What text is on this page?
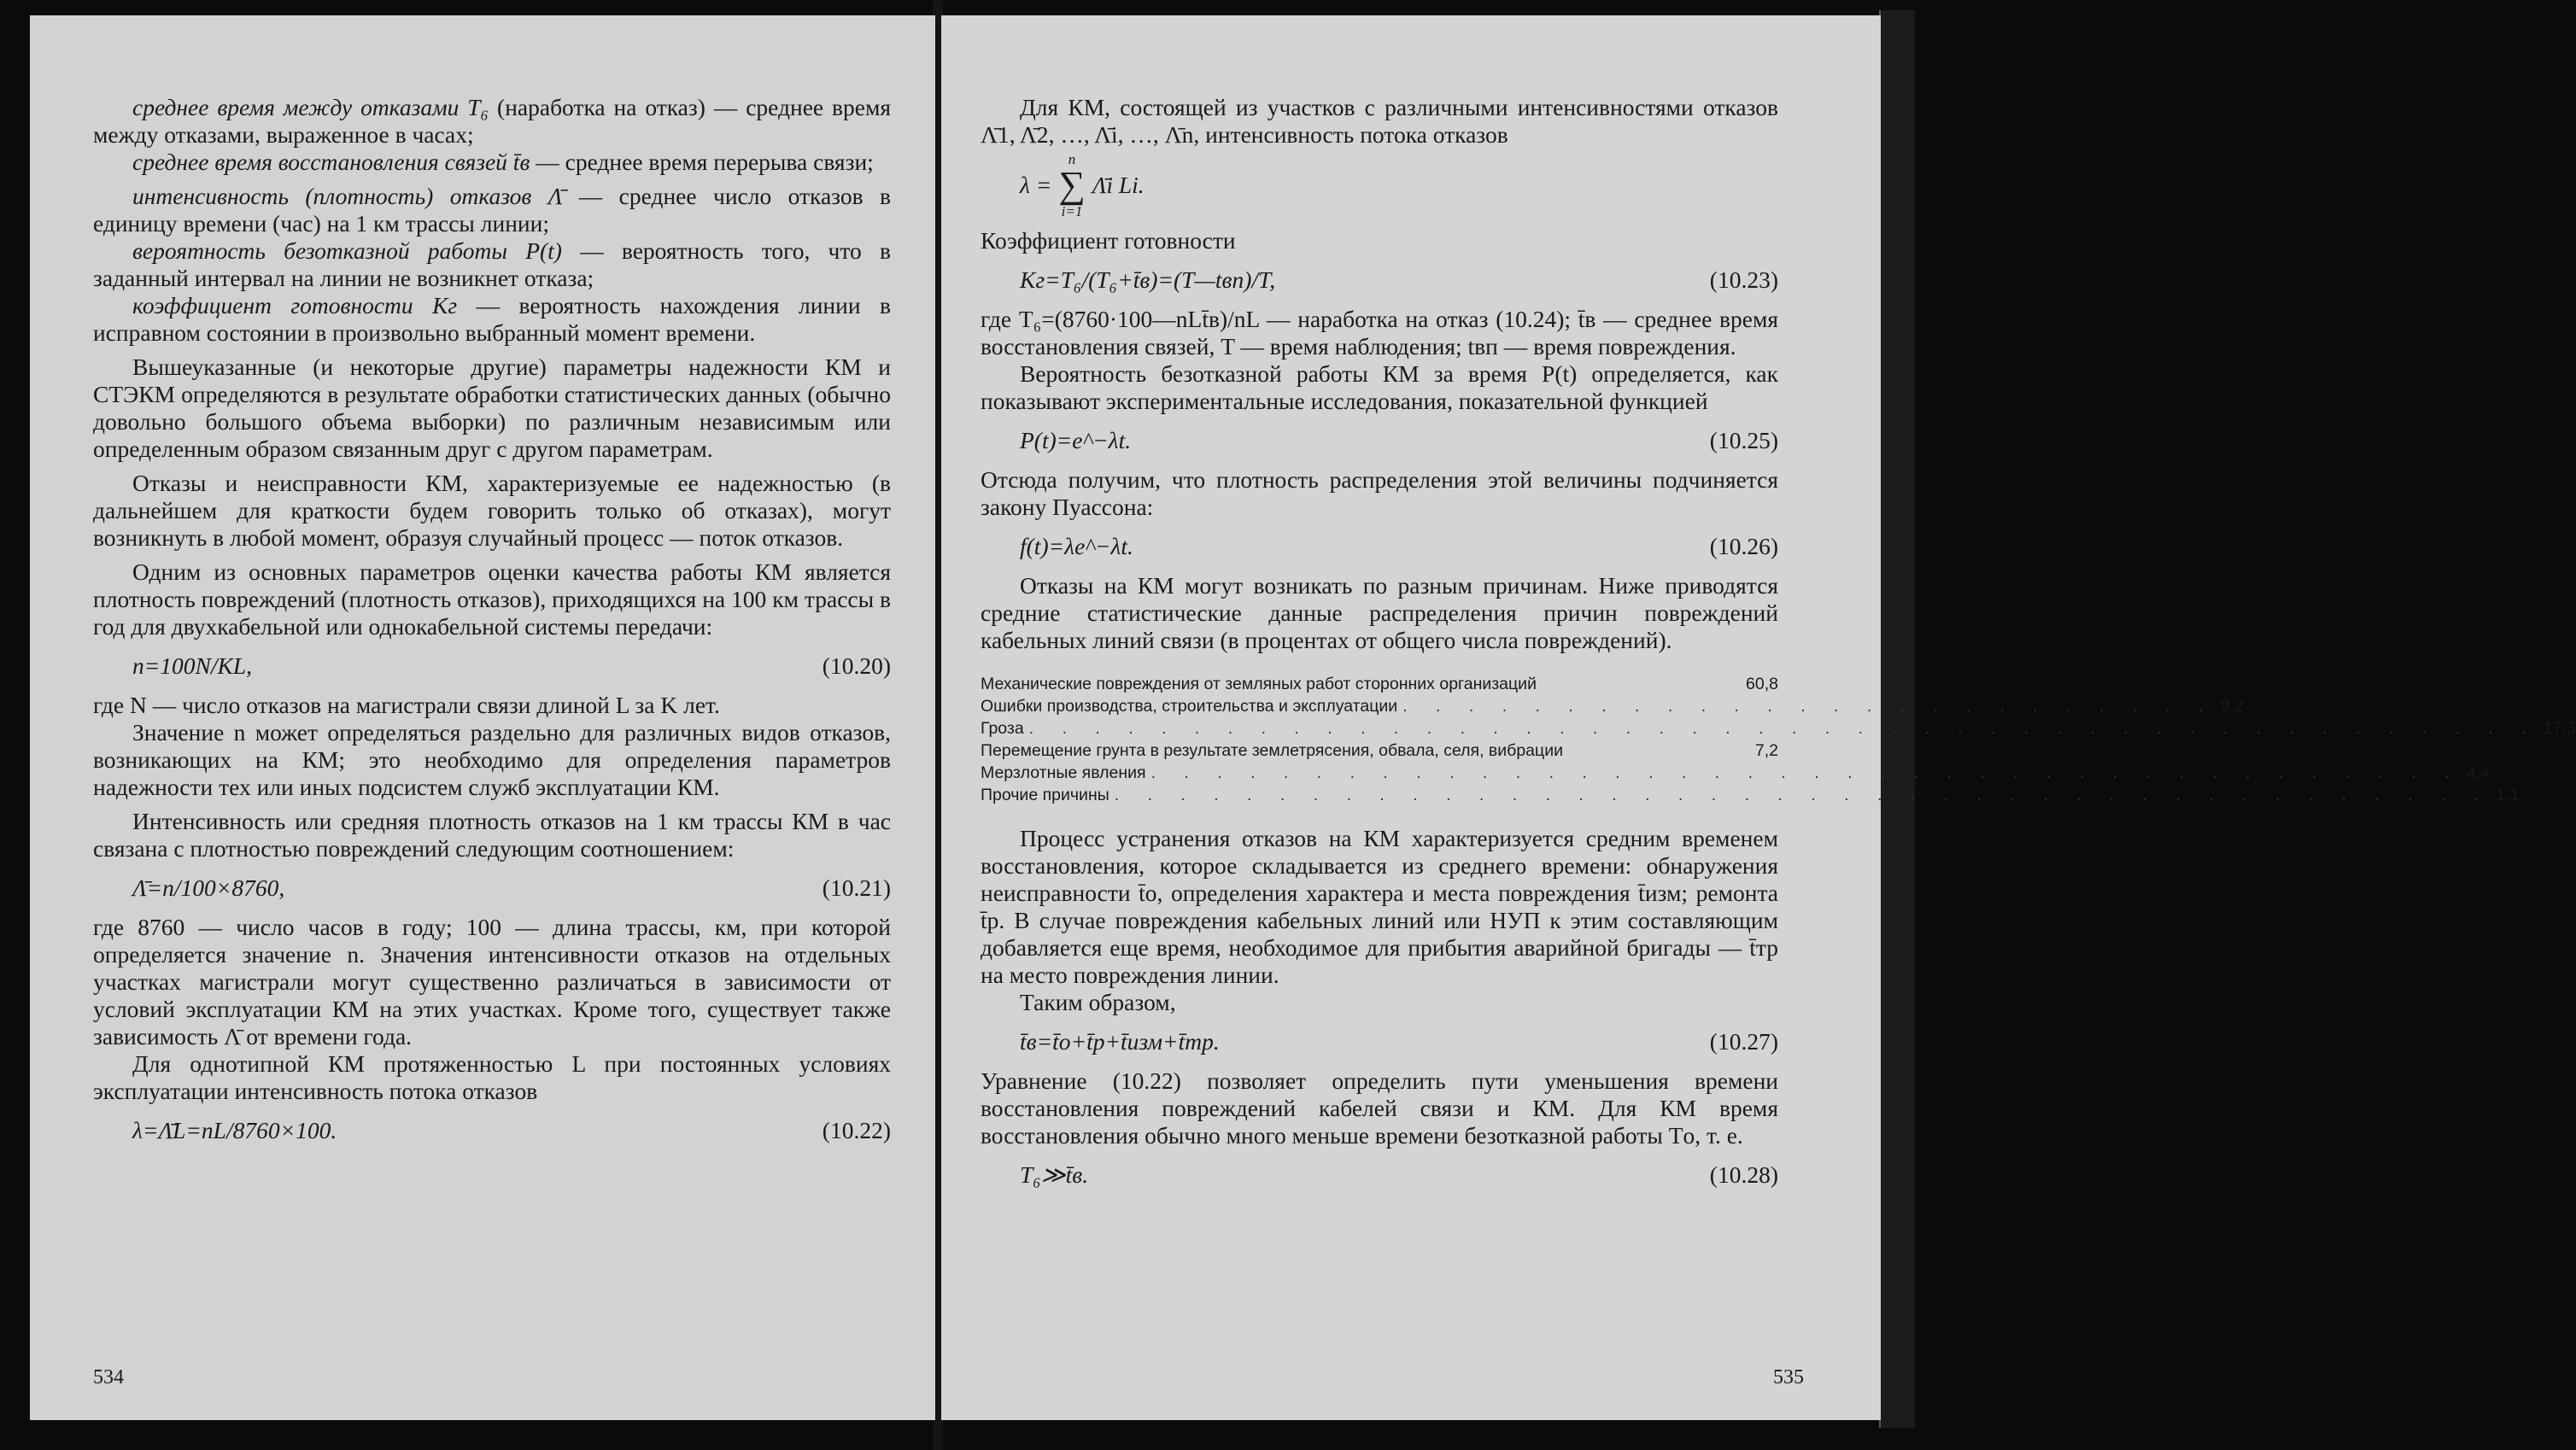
среднее время между отказами T₆ (наработка на отказ) — среднее время между отказами, выраженное в часах;

среднее время восстановления связей t̄в — среднее время перерыва связи;

интенсивность (плотность) отказов Λ̄ — среднее число отказов в единицу времени (час) на 1 км трассы линии;

вероятность безотказной работы P(t) — вероятность того, что в заданный интервал на линии не возникнет отказа;

коэффициент готовности Kг — вероятность нахождения линии в исправном состоянии в произвольно выбранный момент времени.

Вышеуказанные (и некоторые другие) параметры надежности КМ и СТЭКМ определяются в результате обработки статистических данных (обычно довольно большого объема выборки) по различным независимым или определенным образом связанным друг с другом параметрам.

Отказы и неисправности КМ, характеризуемые ее надежностью (в дальнейшем для краткости будем говорить только об отказах), могут возникнуть в любой момент, образуя случайный процесс — поток отказов.

Одним из основных параметров оценки качества работы КМ является плотность повреждений (плотность отказов), приходящихся на 100 км трассы в год для двухкабельной или однокабельной системы передачи:

n=100N/KL,	(10.20)

где N — число отказов на магистрали связи длиной L за K лет.

Значение n может определяться раздельно для различных видов отказов, возникающих на КМ; это необходимо для определения параметров надежности тех или иных подсистем служб эксплуатации КМ.

Интенсивность или средняя плотность отказов на 1 км трассы КМ в час связана с плотностью повреждений следующим соотношением:

Λ̄=n/100×8760,	(10.21)

где 8760 — число часов в году; 100 — длина трассы, км, при которой определяется значение n. Значения интенсивности отказов на отдельных участках магистрали могут существенно различаться в зависимости от условий эксплуатации КМ на этих участках. Кроме того, существует также зависимость Λ̄ от времени года.

Для однотипной КМ протяженностью L при постоянных условиях эксплуатации интенсивность потока отказов

λ=Λ̄L=nL/8760×100.	(10.22)
534

Для КМ, состоящей из участков с различными интенсивностями отказов Λ̄1, Λ̄2, …, Λ̄i, …, Λ̄n, интенсивность потока отказов

λ =
n
∑
i=1
Λ̄i Li.

Коэффициент готовности

Kг=T₆/(T₆+t̄в)=(T—tвп)/T,	(10.23)

где T₆=(8760·100—nLt̄в)/nL — наработка на отказ (10.24); t̄в — среднее время восстановления связей, T — время наблюдения; tвп — время повреждения.

Вероятность безотказной работы КМ за время P(t) определяется, как показывают экспериментальные исследования, показательной функцией

P(t)=e^−λt.	(10.25)

Отсюда получим, что плотность распределения этой величины подчиняется закону Пуассона:

f(t)=λe^−λt.	(10.26)

Отказы на КМ могут возникать по разным причинам. Ниже приводятся средние статистические данные распределения причин повреждений кабельных линий связи (в процентах от общего числа повреждений).

Механические повреждения от земляных работ сторонних организаций	60,8
Ошибки производства, строительства и эксплуатации . . . . . . . . . . . . . . . . . . . . . . . . . 9,2
Гроза . . . . . . . . . . . . . . . . . . . . . . . . . . . . . . . . . . . . . . . . . . . . . . 17,3
Перемещение грунта в результате землетрясения, обвала, селя, вибрации	7,2
Мерзлотные явления . . . . . . . . . . . . . . . . . . . . . . . . . . . . . . . . . . . . . . . . 4,4
Прочие причины . . . . . . . . . . . . . . . . . . . . . . . . . . . . . . . . . . . . . . . . . . 1,1

Процесс устранения отказов на КМ характеризуется средним временем восстановления, которое складывается из среднего времени: обнаружения неисправности t̄о, определения характера и места повреждения t̄изм; ремонта t̄р. В случае повреждения кабельных линий или НУП к этим составляющим добавляется еще время, необходимое для прибытия аварийной бригады — t̄тр на место повреждения линии.

Таким образом,

t̄в=t̄о+t̄р+t̄изм+t̄тр.	(10.27)

Уравнение (10.22) позволяет определить пути уменьшения времени восстановления повреждений кабелей связи и КМ. Для КМ время восстановления обычно много меньше времени безотказной работы Tо, т. е.

T₆≫t̄в.	(10.28)
535
